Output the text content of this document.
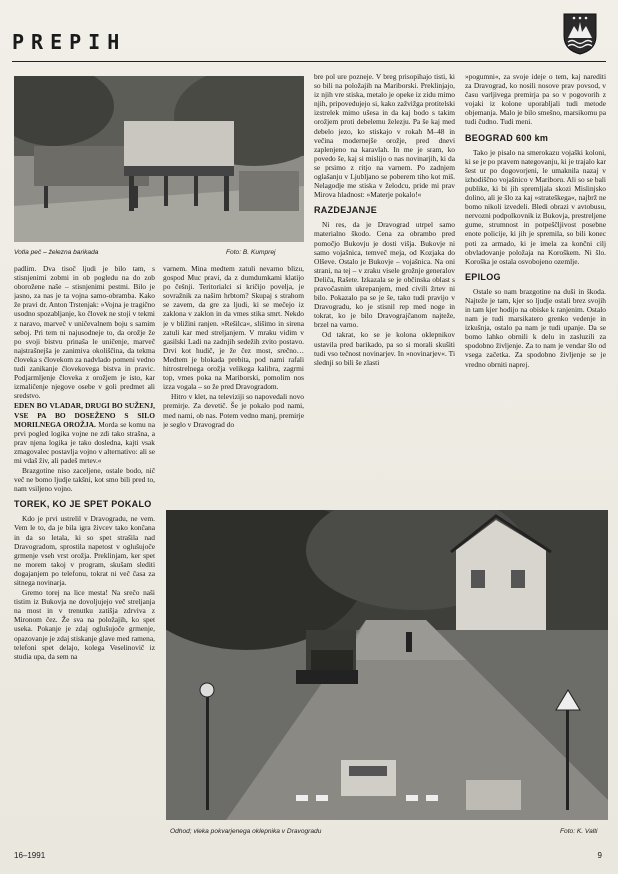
PREPIH
Votla peč – železna barikada	Foto: B. Kumprej

padlim. Dva tisoč ljudi je bilo tam, s stisnjenimi zobmi in ob pogledu na do zob oborožene naše – stisnjenimi pestmi. Bilo je jasno, za nas je ta vojna samo-obramba. Kako že pravi dr. Anton Trstenjak: »Vojna je tragično usodno spozabljanje, ko človek ne stoji v tekmi z naravo, marveč v uničevalnem boju s samim seboj. Pri tem ni najusodneje to, da orožje že po svoji bistvu prinaša le uničenje, marveč najstrašnejša je zanimiva okoliščina, da tekma človeka s človekom za nadvlado pomeni vedno tudi zanikanje človekovega bistva in pravic. Podjarmljenje človeka z orožjem je isto, kar izmaličenje njegove osebe v goli predmet ali sredstvo.

EDEN BO VLADAR, DRUGI BO SUŽENJ, VSE PA BO DOSEŽENO S SILO MORILNEGA OROŽJA. Morda se komu na prvi pogled logika vojne ne zdi tako strašna, a prav njena logika je tako dosledna, kajti vsak zmagovalec postavlja vojno v alternativo: ali se mi vdaš živ, ali padeš mrtev.«

Brazgotine niso zaceljene, ostale bodo, nič več ne bomo ljudje takšni, kot smo bili pred to, nam vsiljeno vojno.

TOREK, KO JE SPET POKALO

Kdo je prvi ustrelil v Dravogradu, ne vem. Vem le to, da je bila igra živcev tako končana in da so letala, ki so spet strašila nad Dravogradom, sprostila napetost v oglušujoče grmenje vseh vrst orožja. Preklinjam, ker spet ne morem takoj v program, skušam slediti dogajanjem po telefonu, tokrat ni več časa za sitnega novinarja.

Gremo torej na lice mesta! Na srečo naši tistim iz Bukovja ne dovoljujejo več streljanja na most in v trenutku zatišja zdrviva z Mironom čez. Že sva na položajih, ko spet useka. Pokanje je zdaj oglušujoče grmenje, opazovanje je zdaj stiskanje glave med ramena, telefoni spet delajo, kolega Veselinovič iz studia upa, da sem na

varnem. Mina medtem zatuli nevarno blizu, gospod Muc pravi, da z dumdumkami klatijo po češnji. Teritorialci si kričijo povelja, je sovražnik za našim hrbtom? Skupaj s strahom se zavem, da gre za ljudi, ki se mečejo iz zaklona v zaklon in da vmes stika smrt. Nekdo je v bližini ranjen. »Rešilca«, slišimo in sirena zatuli kar med streljanjem. V mraku vidim v gasilski Ladi na zadnjih sedežih zvito postavo. Drvi kot hudič, je že čez most, srečno… Medtem je blokada prebita, pod nami rafali hitrostrelnega orožja velikega kalibra, zagrmi top, vmes poka na Mariborski, pomolim nos izza vogala – so že pred Dravogradom.

Hitro v klet, na televiziji so napovedali novo premirje. Za devetič. Še je pokalo pod nami, med nami, ob nas. Potem vedno manj, premirje je seglo v Dravograd do

bre pol ure pozneje. V breg prisopihajo tisti, ki so bili na položajih na Mariborski. Preklinjajo, iz njih vre stiska, metalo je opeke iz zidu mimo njih, pripovedujejo si, kako zažvižga protitelski izstrelek mimo ušesa in da kaj bodo s takim orožjem proti debelemu železju. Pa še kaj med debelo jezo, ko stiskajo v rokah M–48 in večina modernejše orožje, pred dnevi zaplenjeno na karavlah. In me je sram, ko povedo še, kaj si mislijo o nas novinarjih, ki da se prsimo z ritjo na varnem. Po zadnjem oglašanju v Ljubljano se poberem tiho kot miš. Nelagodje me stiska v želodcu, pride mi prav Mirova hladnost: »Materje pokalo!«

RAZDEJANJE

Ni res, da je Dravograd utrpel samo materialno škodo. Cena za obrambo pred pomočjo Bukovju je dosti višja. Bukovje ni samo vojašnica, temveč meja, od Kozjaka do Olševe. Ostalo je Bukovje – vojašnica. Na oni strani, na tej – v zraku visele grožnje generalov Deliča, Rašete. Izkazala se je občinska oblast s pravočasnim ukrepanjem, med civili žrtev ni bilo. Pokazalo pa se je še, tako tudi pravijo v Dravogradu, ko je stisnil rep med noge in tokrat, ko je bilo Dravograjčanom najteže, brzel na varno.

Od takrat, ko se je kolona oklepnikov ustavila pred barikado, pa so si morali skušiti tudi vso tečnost novinarjev. In »novinarjev«. Ti slednji so bili še zlasti

»pogumni«, za svoje ideje o tem, kaj narediti za Dravograd, ko nosili nosove prav povsod, v času varljivega premirja pa so v pogovorih z vojaki iz kolone uporabljali tudi metode objemanja. Malo je bilo smešno, marsikomu pa tudi čudno. Tudi meni.

BEOGRAD 600 km

Tako je pisalo na smerokazu vojaški koloni, ki se je po pravem nategovanju, ki je trajalo kar šest ur po dogovorjeni, le umaknila nazaj v izhodiščno vojašnico v Mariboru. Ali so se bali publike, ki bi jih spremljala skozi Mislinjsko dolino, ali je šlo za kaj »strateškega«, najbrž ne bomo nikoli izvedeli. Bledi obrazi v avtobusu, nervozni podpolkovnik iz Bukovja, prestreljene gume, strumnost in potpeščljivost posebne enote policije, ki jih je spremila, so bili konec poti za armado, ki je imela za končni cilj obvladovanje položaja na Koroškem. Ni šlo. Koroška je ostala osvobojeno ozemlje.

EPILOG

Ostale so nam brazgotine na duši in škoda. Najteže je tam, kjer so ljudje ostali brez svojih in tam kjer hodijo na obiske k ranjenim. Ostalo nam je tudi marsikatero grenko vedenje in izkušnja, ostalo pa nam je tudi upanje. Da se bomo lahko obrnili k delu in zasluzili za spodobno življenje. Za to nam je vendar šlo od vsega začetka. Za spodobno življenje se je vredno obrniti naprej.

Odhod; vleka pokvarjenega oklepnika v Dravogradu	Foto: K. Valti
16–1991	9
